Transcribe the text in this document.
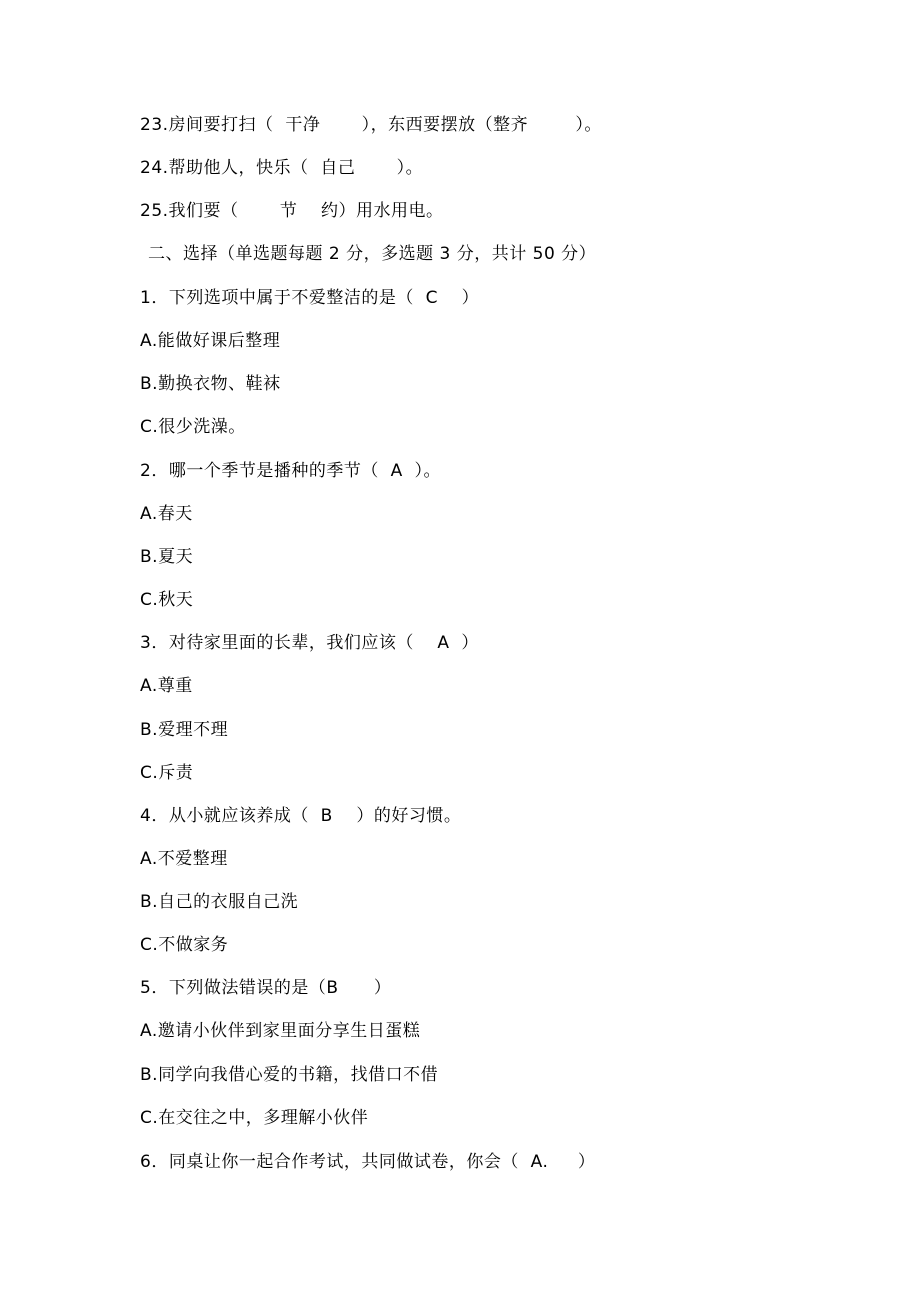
23.房间要打扫（  干净       ），东西要摆放（整齐        ）。
24.帮助他人，快乐（  自己       ）。
25.我们要（       节    约）用水用电。
二、选择（单选题每题 2 分，多选题 3 分，共计 50 分）
1．下列选项中属于不爱整洁的是（  C    ）
A.能做好课后整理
B.勤换衣物、鞋袜
C.很少洗澡。
2．哪一个季节是播种的季节（  A  ）。
A.春天
B.夏天
C.秋天
3．对待家里面的长辈，我们应该（    A  ）
A.尊重
B.爱理不理
C.斥责
4．从小就应该养成（  B    ）的好习惯。
A.不爱整理
B.自己的衣服自己洗
C.不做家务
5．下列做法错误的是（B      ）
A.邀请小伙伴到家里面分享生日蛋糕
B.同学向我借心爱的书籍，找借口不借
C.在交往之中，多理解小伙伴
6．同桌让你一起合作考试，共同做试卷，你会（  A.     ）
